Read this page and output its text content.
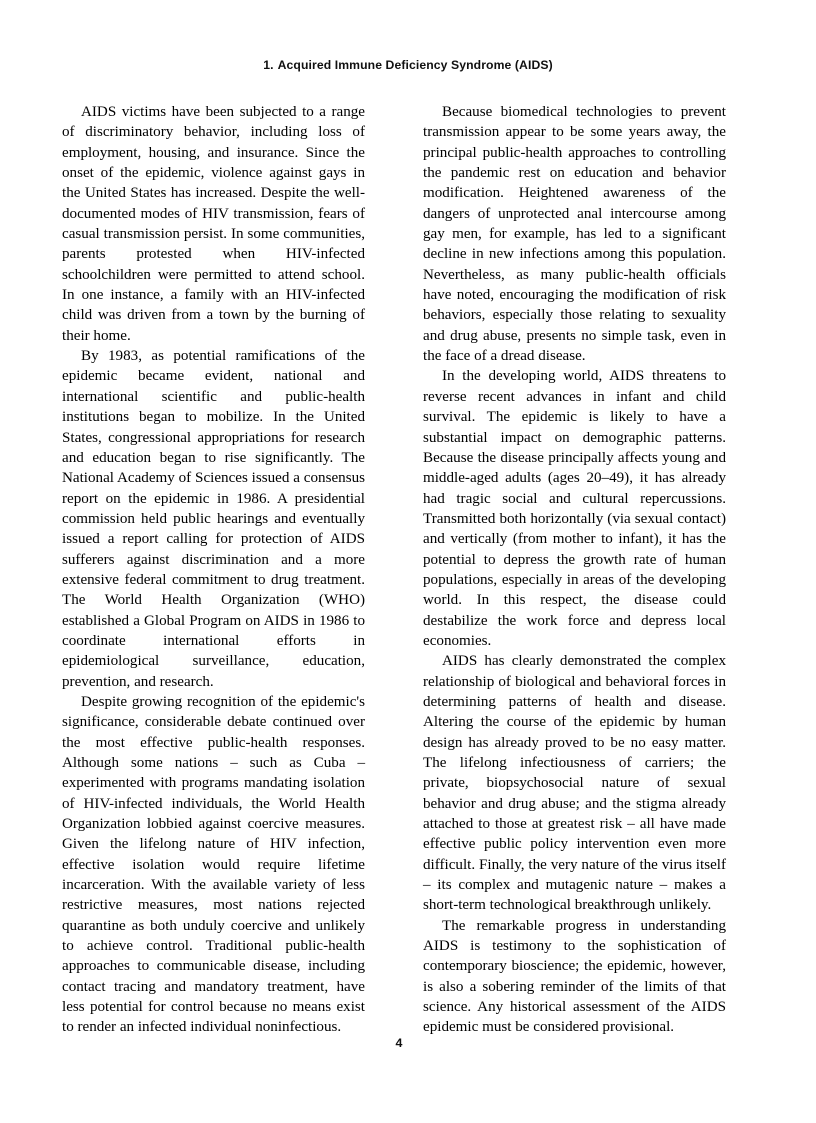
1. Acquired Immune Deficiency Syndrome (AIDS)

AIDS victims have been subjected to a range of discriminatory behavior, including loss of employment, housing, and insurance. Since the onset of the epidemic, violence against gays in the United States has increased. Despite the well-documented modes of HIV transmission, fears of casual transmission persist. In some communities, parents protested when HIV-infected schoolchildren were permitted to attend school. In one instance, a family with an HIV-infected child was driven from a town by the burning of their home.

By 1983, as potential ramifications of the epidemic became evident, national and international scientific and public-health institutions began to mobilize. In the United States, congressional appropriations for research and education began to rise significantly. The National Academy of Sciences issued a consensus report on the epidemic in 1986. A presidential commission held public hearings and eventually issued a report calling for protection of AIDS sufferers against discrimination and a more extensive federal commitment to drug treatment. The World Health Organization (WHO) established a Global Program on AIDS in 1986 to coordinate international efforts in epidemiological surveillance, education, prevention, and research.

Despite growing recognition of the epidemic's significance, considerable debate continued over the most effective public-health responses. Although some nations – such as Cuba – experimented with programs mandating isolation of HIV-infected individuals, the World Health Organization lobbied against coercive measures. Given the lifelong nature of HIV infection, effective isolation would require lifetime incarceration. With the available variety of less restrictive measures, most nations rejected quarantine as both unduly coercive and unlikely to achieve control. Traditional public-health approaches to communicable disease, including contact tracing and mandatory treatment, have less potential for control because no means exist to render an infected individual noninfectious.

Because biomedical technologies to prevent transmission appear to be some years away, the principal public-health approaches to controlling the pandemic rest on education and behavior modification. Heightened awareness of the dangers of unprotected anal intercourse among gay men, for example, has led to a significant decline in new infections among this population. Nevertheless, as many public-health officials have noted, encouraging the modification of risk behaviors, especially those relating to sexuality and drug abuse, presents no simple task, even in the face of a dread disease.

In the developing world, AIDS threatens to reverse recent advances in infant and child survival. The epidemic is likely to have a substantial impact on demographic patterns. Because the disease principally affects young and middle-aged adults (ages 20–49), it has already had tragic social and cultural repercussions. Transmitted both horizontally (via sexual contact) and vertically (from mother to infant), it has the potential to depress the growth rate of human populations, especially in areas of the developing world. In this respect, the disease could destabilize the work force and depress local economies.

AIDS has clearly demonstrated the complex relationship of biological and behavioral forces in determining patterns of health and disease. Altering the course of the epidemic by human design has already proved to be no easy matter. The lifelong infectiousness of carriers; the private, biopsychosocial nature of sexual behavior and drug abuse; and the stigma already attached to those at greatest risk – all have made effective public policy intervention even more difficult. Finally, the very nature of the virus itself – its complex and mutagenic nature – makes a short-term technological breakthrough unlikely.

The remarkable progress in understanding AIDS is testimony to the sophistication of contemporary bioscience; the epidemic, however, is also a sobering reminder of the limits of that science. Any historical assessment of the AIDS epidemic must be considered provisional.

4
